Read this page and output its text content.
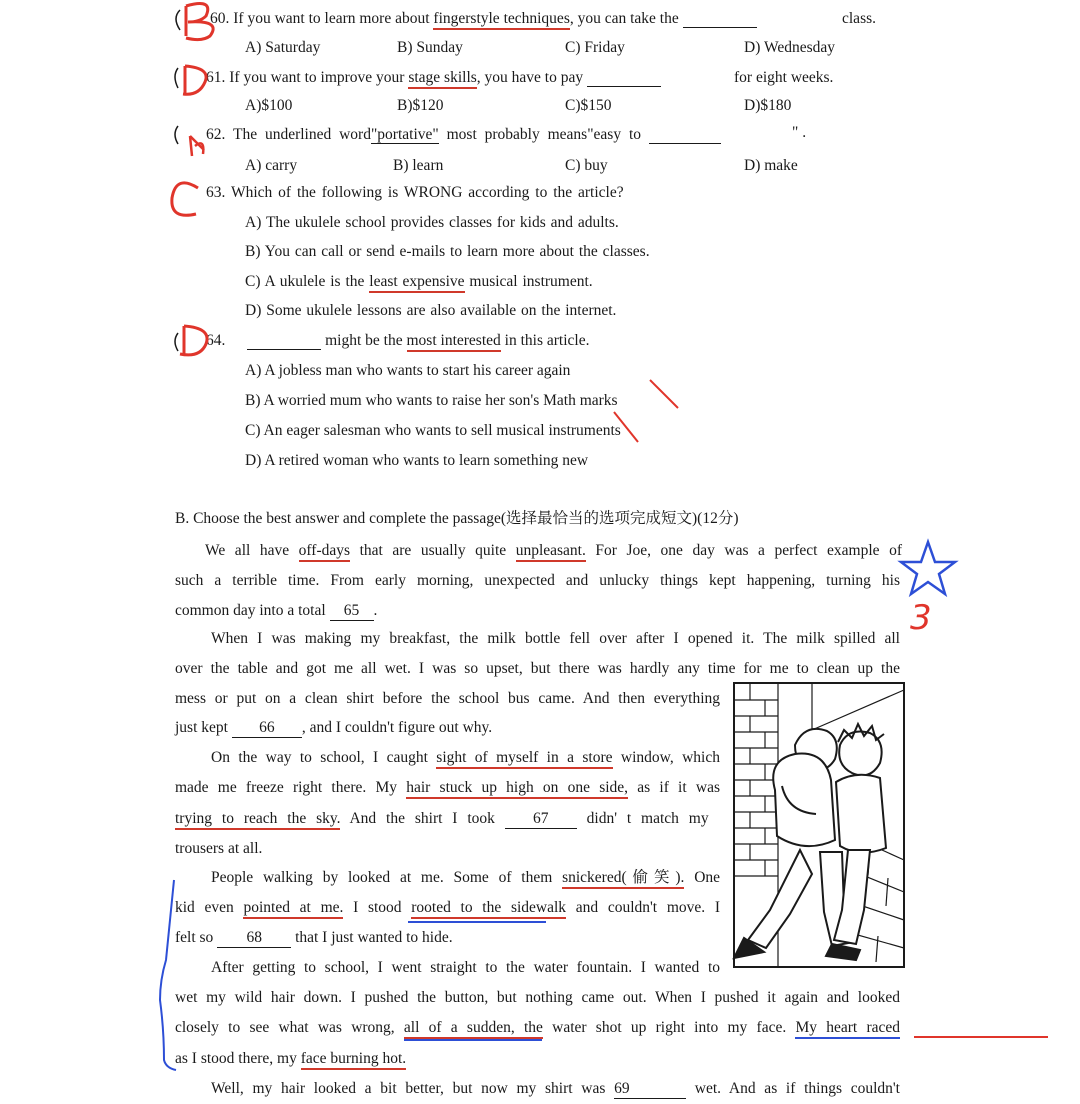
60. If you want to learn more about fingerstyle techniques, you can take the	class.
A) Saturday	B) Sunday	C) Friday	D) Wednesday
61. If you want to improve your stage skills, you have to pay	for eight weeks.
A)$100	B)$120	C)$150	D)$180
62. The underlined word"portative" most probably means"easy to	" .
A) carry	B) learn	C) buy	D) make
63. Which of the following is WRONG according to the article?
A) The ukulele school provides classes for kids and adults.
B) You can call or send e-mails to learn more about the classes.
C) A ukulele is the least expensive musical instrument.
D) Some ukulele lessons are also available on the internet.
64.	might be the most interested in this article.
A) A jobless man who wants to start his career again
B) A worried mum who wants to raise her son's Math marks
C) An eager salesman who wants to sell musical instruments
D) A retired woman who wants to learn something new
B. Choose the best answer and complete the passage(选择最恰当的选项完成短文)(12分)
We all have off-days that are usually quite unpleasant. For Joe, one day was a perfect example of
such a terrible time. From early morning, unexpected and unlucky things kept happening, turning his
common day into a total 65 .
When I was making my breakfast, the milk bottle fell over after I opened it. The milk spilled all
over the table and got me all wet. I was so upset, but there was hardly any time for me to clean up the
mess or put on a clean shirt before the school bus came. And then everything
just kept 66 , and I couldn't figure out why.
On the way to school, I caught sight of myself in a store window, which
made me freeze right there. My hair stuck up high on one side, as if it was
trying to reach the sky. And the shirt I took 67 didn' t match my
trousers at all.
People walking by looked at me. Some of them snickered(偷笑). One
kid even pointed at me. I stood rooted to the sidewalk and couldn't move. I
felt so 68 that I just wanted to hide.
After getting to school, I went straight to the water fountain. I wanted to
wet my wild hair down. I pushed the button, but nothing came out. When I pushed it again and looked
closely to see what was wrong, all of a sudden, the water shot up right into my face. My heart raced
as I stood there, my face burning hot.
Well, my hair looked a bit better, but now my shirt was 69	wet. And as if things couldn't
3
